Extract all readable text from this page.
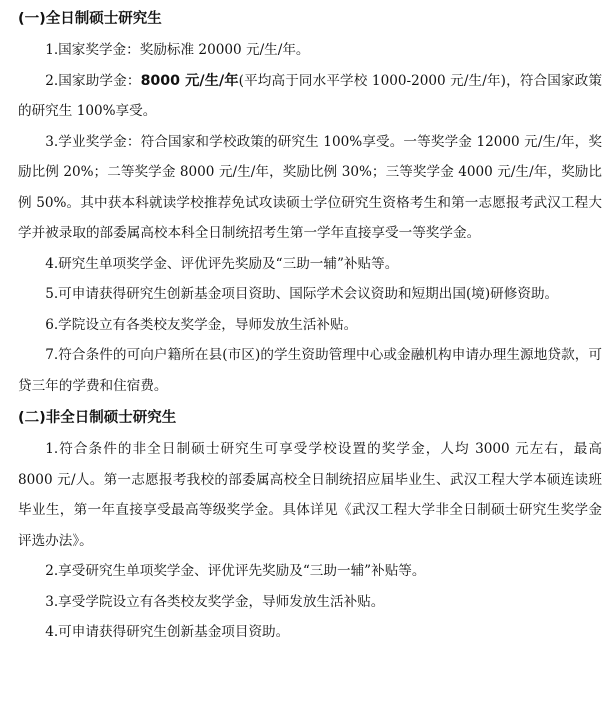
(一)全日制硕士研究生

1.国家奖学金：奖励标准 20000 元/生/年。

2.国家助学金：8000 元/生/年(平均高于同水平学校 1000-2000 元/生/年)，符合国家政策的研究生 100%享受。

3.学业奖学金：符合国家和学校政策的研究生 100%享受。一等奖学金 12000 元/生/年，奖励比例 20%；二等奖学金 8000 元/生/年，奖励比例 30%；三等奖学金 4000 元/生/年，奖励比例 50%。其中获本科就读学校推荐免试攻读硕士学位研究生资格考生和第一志愿报考武汉工程大学并被录取的部委属高校本科全日制统招考生第一学年直接享受一等奖学金。

4.研究生单项奖学金、评优评先奖励及“三助一辅”补贴等。

5.可申请获得研究生创新基金项目资助、国际学术会议资助和短期出国(境)研修资助。

6.学院设立有各类校友奖学金，导师发放生活补贴。

7.符合条件的可向户籍所在县(市区)的学生资助管理中心或金融机构申请办理生源地贷款，可贷三年的学费和住宿费。

(二)非全日制硕士研究生

1.符合条件的非全日制硕士研究生可享受学校设置的奖学金，人均 3000 元左右，最高 8000 元/人。第一志愿报考我校的部委属高校全日制统招应届毕业生、武汉工程大学本硕连读班毕业生，第一年直接享受最高等级奖学金。具体详见《武汉工程大学非全日制硕士研究生奖学金评选办法》。

2.享受研究生单项奖学金、评优评先奖励及“三助一辅”补贴等。

3.享受学院设立有各类校友奖学金，导师发放生活补贴。

4.可申请获得研究生创新基金项目资助。
